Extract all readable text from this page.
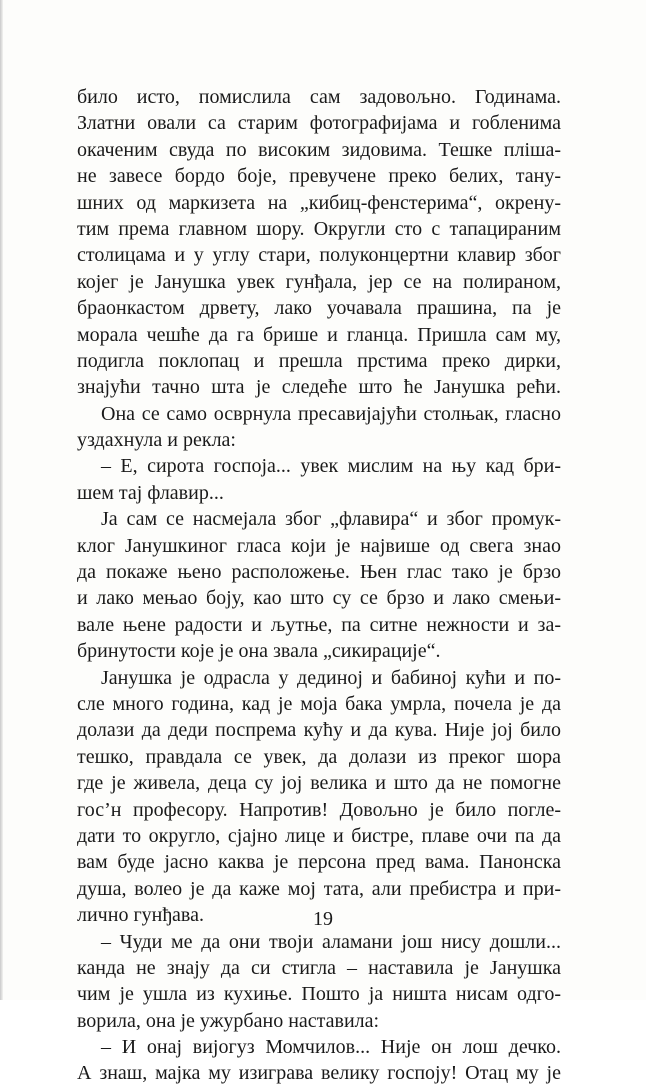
било исто, помислила сам задовољно. Годинама.
Златни овали са старим фотографијама и гобленима
окаченим свуда по високим зидовима. Тешке пліша-
не завесе бордо боје, превучене преко белих, тану-
шних од маркизета на „кибиц-фенстерима“, окрену-
тим према главном шору. Округли сто с тапацираним
столицама и у углу стари, полуконцертни клавир због
којег је Јанушка увек гунђала, јер се на полираном,
браонкастом дрвету, лако уочавала прашина, па је
морала чешће да га брише и гланца. Пришла сам му,
подигла поклопац и прешла прстима преко дирки,
знајући тачно шта је следеће што ће Јанушка рећи.
Она се само осврнула пресавијајући столњак, гласно
уздахнула и рекла:
– Е, сирота госпоја... увек мислим на њу кад бри-
шем тај флавир...
Ја сам се насмејала због „флавира“ и због промук-
клог Јанушкиног гласа који је највише од свега знао
да покаже њено расположење. Њен глас тако је брзо
и лако мењао боју, као што су се брзо и лако смењи-
вале њене радости и љутње, па ситне нежности и за-
бринутости које је она звала „сикирације“.
Јанушка је одрасла у дединој и бабиној кући и по-
сле много година, кад је моја бака умрла, почела је да
долази да деди поспрема кућу и да кува. Није јој било
тешко, правдала се увек, да долази из преког шора
где је живела, деца су јој велика и што да не помогне
гос’н професору. Напротив! Довољно је било погле-
дати то округло, сјајно лице и бистре, плаве очи па да
вам буде јасно каква је персона пред вама. Панонска
душа, волео је да каже мој тата, али пребистра и при-
лично гунђава.
– Чуди ме да они твоји аламани још нису дошли...
канда не знају да си стигла – наставила је Јанушка
чим је ушла из кухиње. Пошто ја ништа нисам одго-
ворила, она је ужурбано наставила:
– И онај вијогуз Момчилов... Није он лош дечко.
А знаш, мајка му изиграва велику госпоју! Отац му је
19
